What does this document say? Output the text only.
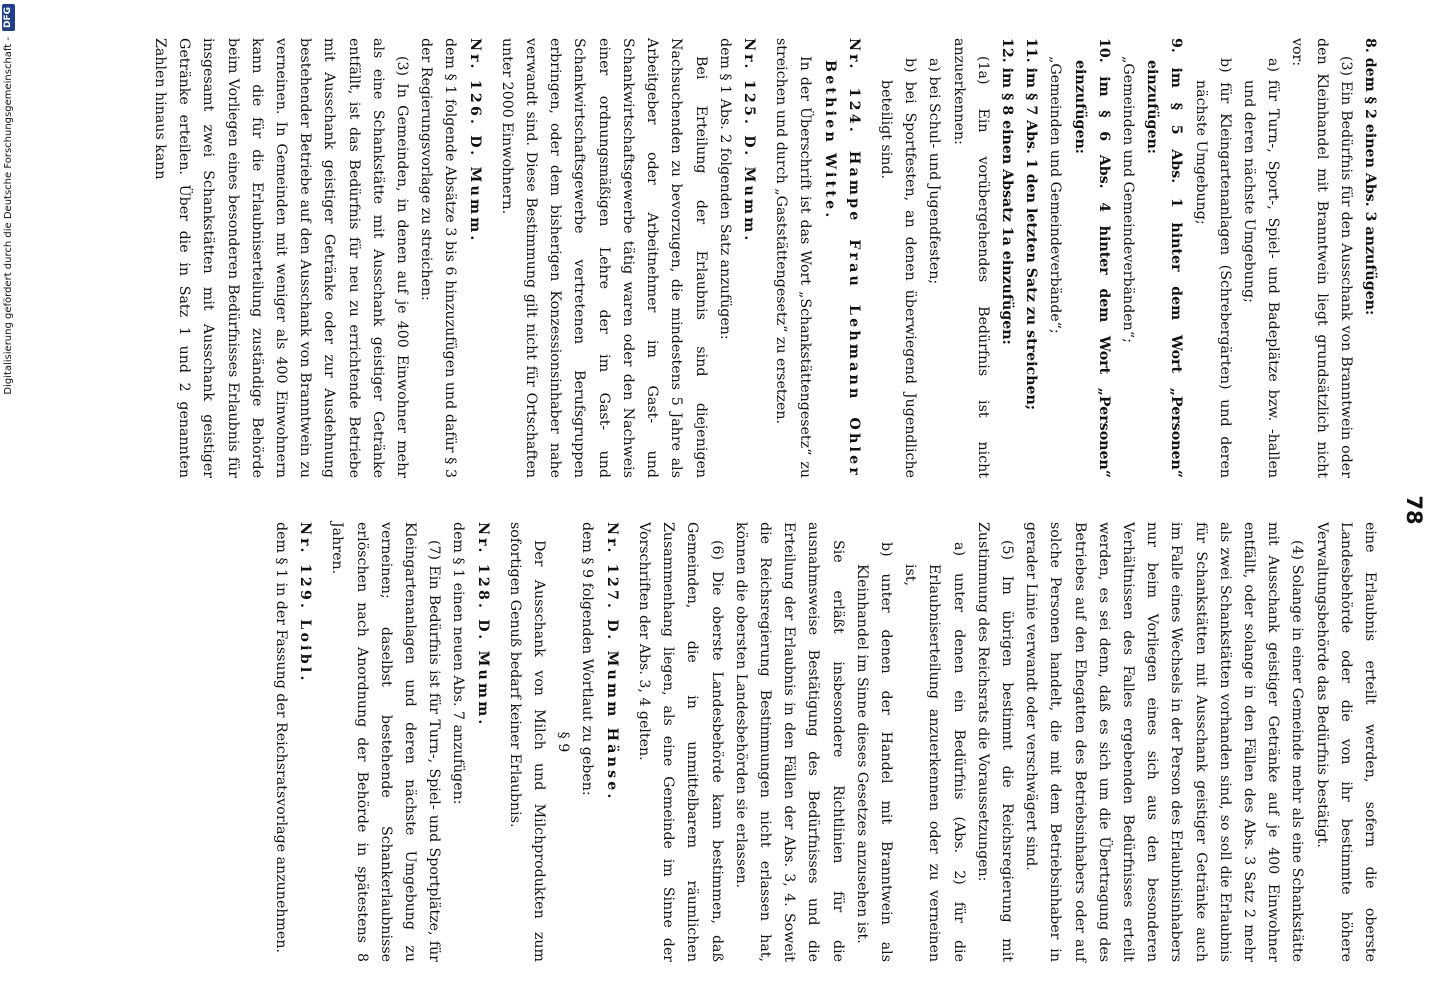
78

8. dem § 2 einen Abs. 3 anzufügen:

(3) Ein Bedürfnis für den Ausschank von Branntwein oder den Kleinhandel mit Branntwein liegt grundsätzlich nicht vor:

a) für Turn-, Sport-, Spiel- und Badeplätze bzw. -hallen und deren nächste Umgebung;

b) für Kleingartenanlagen (Schrebergärten) und deren nächste Umgebung;

9. im § 5 Abs. 1 hinter dem Wort „Personen“ einzufügen:

„Gemeinden und Gemeindeverbänden“;

10. im § 6 Abs. 4 hinter dem Wort „Personen“ einzufügen:

„Gemeinden und Gemeindeverbände“;

11. im § 7 Abs. 1 den letzten Satz zu streichen;

12. im § 8 einen Absatz 1a einzufügen:

(1a) Ein vorübergehendes Bedürfnis ist nicht anzuerkennen:

a) bei Schul- und Jugendfesten;

b) bei Sportfesten, an denen überwiegend Jugendliche beteiligt sind.

Nr. 124. Hampe Frau Lehmann Ohler Bethien Witte.

In der Überschrift ist das Wort „Schankstättengesetz“ zu streichen und durch „Gaststättengesetz“ zu ersetzen.

Nr. 125. D. Mumm.

dem § 1 Abs. 2 folgenden Satz anzufügen:

Bei Erteilung der Erlaubnis sind diejenigen Nachsuchenden zu bevorzugen, die mindestens 5 Jahre als Arbeitgeber oder Arbeitnehmer im Gast- und Schankwirtschaftsgewerbe tätig waren oder den Nachweis einer ordnungsmäßigen Lehre der im Gast- und Schankwirtschaftsgewerbe vertretenen Berufsgruppen erbringen, oder dem bisherigen Konzessionsinhaber nahe verwandt sind. Diese Bestimmung gilt nicht für Ortschaften unter 2000 Einwohnern.

Nr. 126. D. Mumm.

dem § 1 folgende Absätze 3 bis 6 hinzuzufügen und dafür § 3 der Regierungsvorlage zu streichen:

(3) In Gemeinden, in denen auf je 400 Einwohner mehr als eine Schankstätte mit Ausschank geistiger Getränke entfällt, ist das Bedürfnis für neu zu errichtende Betriebe mit Ausschank geistiger Getränke oder zur Ausdehnung bestehender Betriebe auf den Ausschank von Branntwein zu verneinen. In Gemeinden mit weniger als 400 Einwohnern kann die für die Erlaubniserteilung zuständige Behörde beim Vorliegen eines besonderen Bedürfnisses Erlaubnis für insgesamt zwei Schankstätten mit Ausschank geistiger Getränke erteilen. Über die in Satz 1 und 2 genannten Zahlen hinaus kann

eine Erlaubnis erteilt werden, sofern die oberste Landesbehörde oder die von ihr bestimmte höhere Verwaltungsbehörde das Bedürfnis bestätigt.

(4) Solange in einer Gemeinde mehr als eine Schankstätte mit Ausschank geistiger Getränke auf je 400 Einwohner entfällt, oder solange in den Fällen des Abs. 3 Satz 2 mehr als zwei Schankstätten vorhanden sind, so soll die Erlaubnis für Schankstätten mit Ausschank geistiger Getränke auch im Falle eines Wechsels in der Person des Erlaubnisinhabers nur beim Vorliegen eines sich aus den besonderen Verhältnissen des Falles ergebenden Bedürfnisses erteilt werden, es sei denn, daß es sich um die Übertragung des Betriebes auf den Ehegatten des Betriebsinhabers oder auf solche Personen handelt, die mit dem Betriebsinhaber in gerader Linie verwandt oder verschwägert sind.

(5) Im übrigen bestimmt die Reichsregierung mit Zustimmung des Reichsrats die Voraussetzungen:

a) unter denen ein Bedürfnis (Abs. 2) für die Erlaubniserteilung anzuerkennen oder zu verneinen ist,

b) unter denen der Handel mit Branntwein als Kleinhandel im Sinne dieses Gesetzes anzusehen ist.

Sie erläßt insbesondere Richtlinien für die ausnahmsweise Bestätigung des Bedürfnisses und die Erteilung der Erlaubnis in den Fällen der Abs. 3, 4. Soweit die Reichsregierung Bestimmungen nicht erlassen hat, können die obersten Landesbehörden sie erlassen.

(6) Die oberste Landesbehörde kann bestimmen, daß Gemeinden, die in unmittelbarem räumlichen Zusammenhang liegen, als eine Gemeinde im Sinne der Vorschriften der Abs. 3, 4 gelten.

Nr. 127. D. Mumm Hänse.

dem § 9 folgenden Wortlaut zu geben:

§ 9

Der Ausschank von Milch und Milchprodukten zum sofortigen Genuß bedarf keiner Erlaubnis.

Nr. 128. D. Mumm.

dem § 1 einen neuen Abs. 7 anzufügen:

(7) Ein Bedürfnis ist für Turn-, Spiel- und Sportplätze, für Kleingartenanlagen und deren nächste Umgebung zu verneinen; daselbst bestehende Schankerlaubnisse erlöschen nach Anordnung der Behörde in spätestens 8 Jahren.

Nr. 129. Loibl.

dem § 1 in der Fassung der Reichsratsvorlage anzunehmen.

Digitalisierung gefördert durch die Deutsche Forschungsgemeinschaft -
DFG
